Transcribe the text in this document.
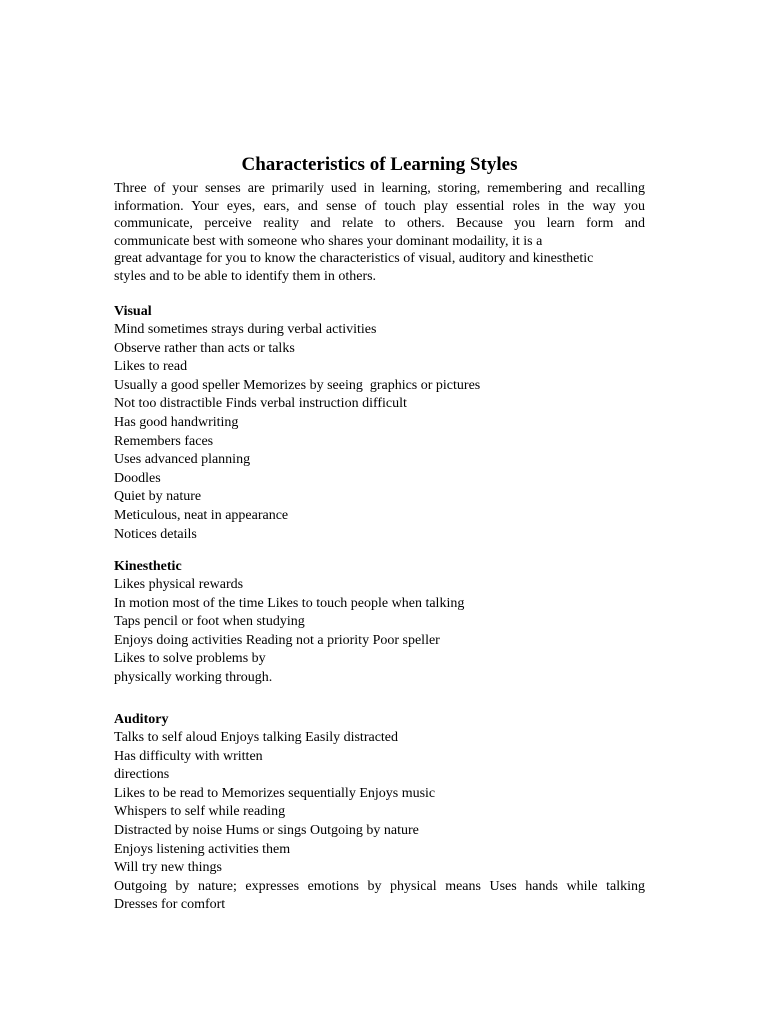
Characteristics of Learning Styles

Three of your senses are primarily used in learning, storing, remembering and recalling
information. Your eyes, ears, and sense of touch play essential roles in the way you
communicate, perceive reality and relate to others. Because you learn form and
communicate best with someone who shares your dominant modaility, it is a
great advantage for you to know the characteristics of visual, auditory and kinesthetic
styles and to be able to identify them in others.

Visual
Mind sometimes strays during verbal activities
Observe rather than acts or talks
Likes to read
Usually a good speller Memorizes by seeing  graphics or pictures
Not too distractible Finds verbal instruction difficult
Has good handwriting
Remembers faces
Uses advanced planning
Doodles
Quiet by nature
Meticulous, neat in appearance
Notices details
Kinesthetic
Likes physical rewards
In motion most of the time Likes to touch people when talking
Taps pencil or foot when studying
Enjoys doing activities Reading not a priority Poor speller
Likes to solve problems by
physically working through.
Auditory
Talks to self aloud Enjoys talking Easily distracted
Has difficulty with written
directions
Likes to be read to Memorizes sequentially Enjoys music
Whispers to self while reading
Distracted by noise Hums or sings Outgoing by nature
Enjoys listening activities them
Will try new things
Outgoing by nature; expresses emotions by physical means Uses hands while talking
Dresses for comfort
